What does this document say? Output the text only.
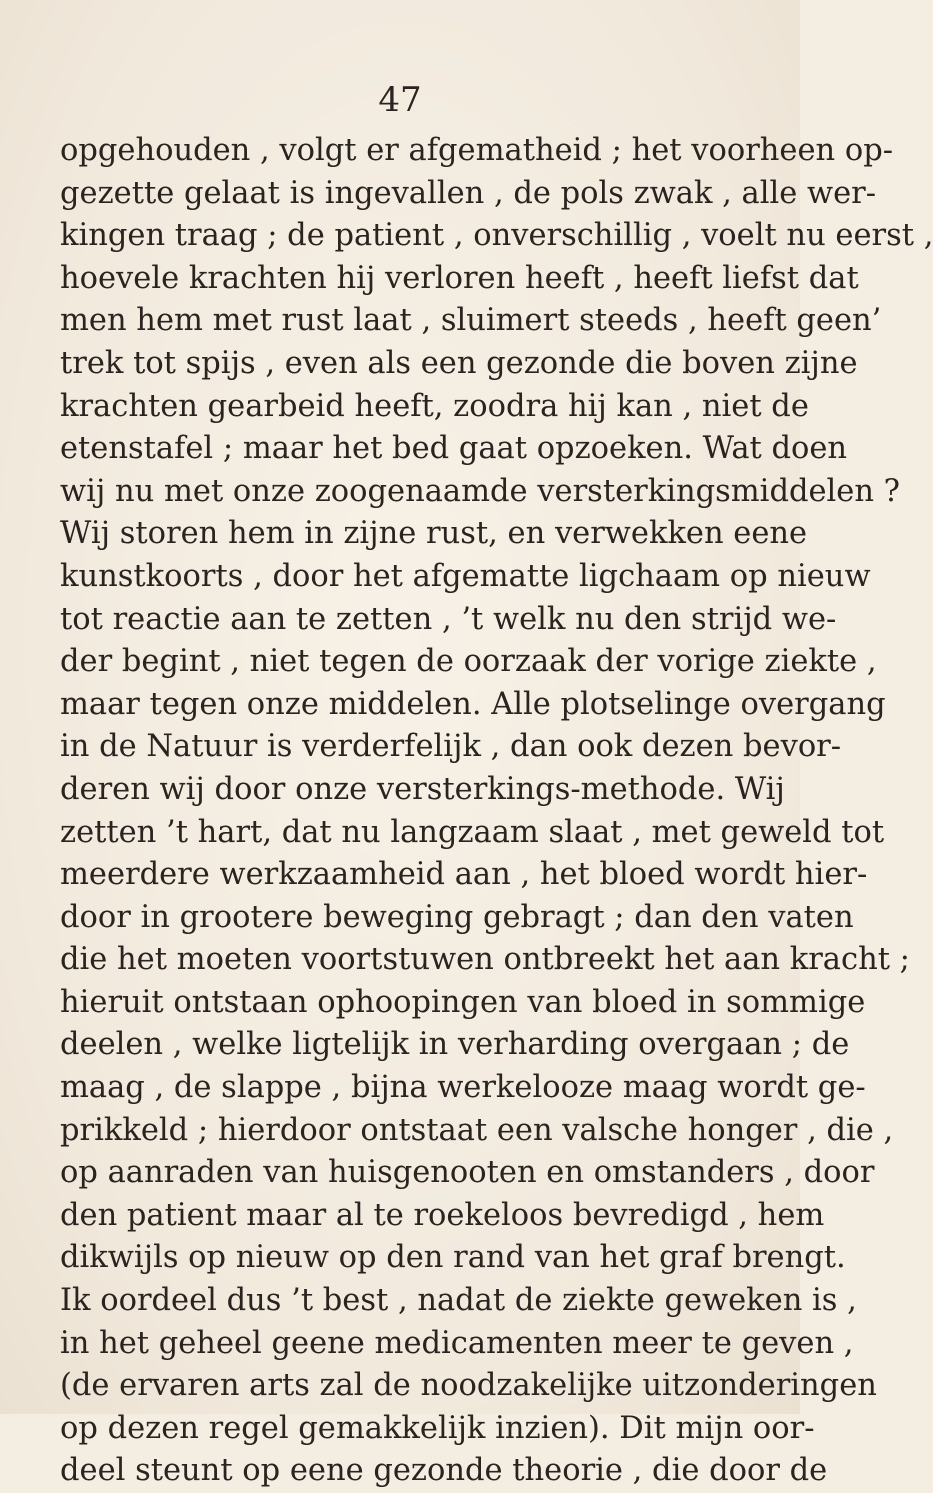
47
opgehouden , volgt er afgematheid ; het voorheen op-
gezette gelaat is ingevallen , de pols zwak , alle wer-
kingen traag ; de patient , onverschillig , voelt nu eerst ,
hoevele krachten hij verloren heeft , heeft liefst dat
men hem met rust laat , sluimert steeds , heeft geen’
trek tot spijs , even als een gezonde die boven zijne
krachten gearbeid heeft, zoodra hij kan , niet de
etenstafel ; maar het bed gaat opzoeken. Wat doen
wij nu met onze zoogenaamde versterkingsmiddelen ?
Wij storen hem in zijne rust, en verwekken eene
kunstkoorts , door het afgematte ligchaam op nieuw
tot reactie aan te zetten , ’t welk nu den strijd we-
der begint , niet tegen de oorzaak der vorige ziekte ,
maar tegen onze middelen. Alle plotselinge overgang
in de Natuur is verderfelijk , dan ook dezen bevor-
deren wij door onze versterkings-methode. Wij
zetten ’t hart, dat nu langzaam slaat , met geweld tot
meerdere werkzaamheid aan , het bloed wordt hier-
door in grootere beweging gebragt ; dan den vaten
die het moeten voortstuwen ontbreekt het aan kracht ;
hieruit ontstaan ophoopingen van bloed in sommige
deelen , welke ligtelijk in verharding overgaan ; de
maag , de slappe , bijna werkelooze maag wordt ge-
prikkeld ; hierdoor ontstaat een valsche honger , die ,
op aanraden van huisgenooten en omstanders , door
den patient maar al te roekeloos bevredigd , hem
dikwijls op nieuw op den rand van het graf brengt.
Ik oordeel dus ’t best , nadat de ziekte geweken is ,
in het geheel geene medicamenten meer te geven ,
(de ervaren arts zal de noodzakelijke uitzonderingen
op dezen regel gemakkelijk inzien). Dit mijn oor-
deel steunt op eene gezonde theorie , die door de
